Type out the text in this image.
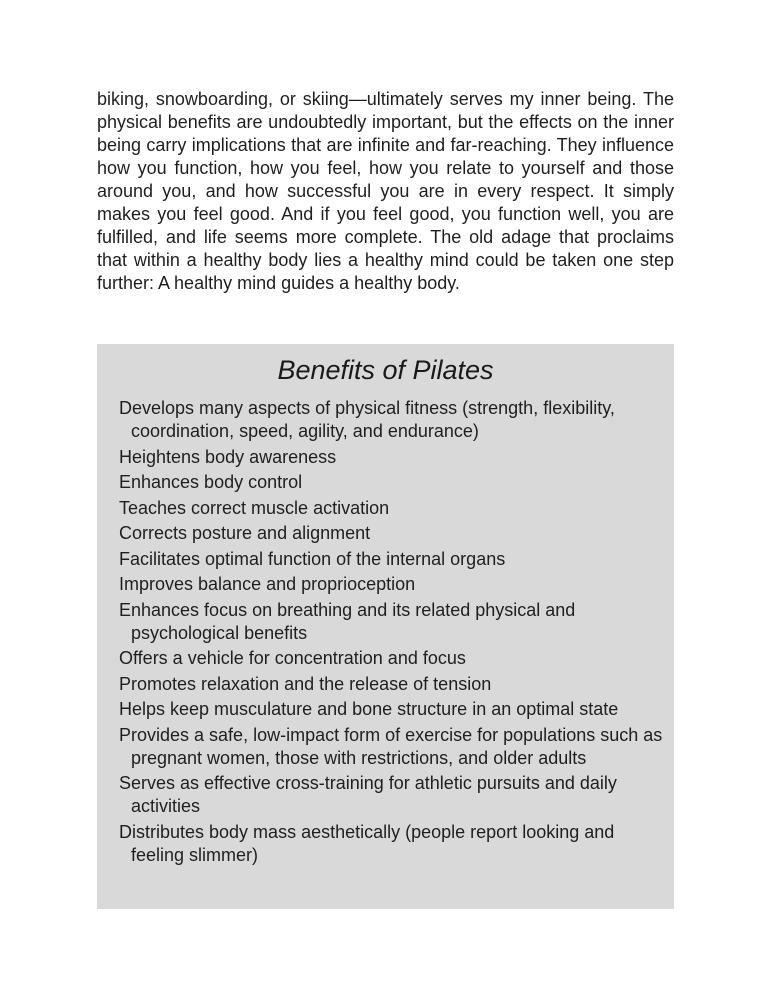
biking, snowboarding, or skiing—ultimately serves my inner being. The physical benefits are undoubtedly important, but the effects on the inner being carry implications that are infinite and far-reaching. They influence how you function, how you feel, how you relate to yourself and those around you, and how successful you are in every respect. It simply makes you feel good. And if you feel good, you function well, you are fulfilled, and life seems more complete. The old adage that proclaims that within a healthy body lies a healthy mind could be taken one step further: A healthy mind guides a healthy body.

Benefits of Pilates
Develops many aspects of physical fitness (strength, flexibility, coordination, speed, agility, and endurance)
Heightens body awareness
Enhances body control
Teaches correct muscle activation
Corrects posture and alignment
Facilitates optimal function of the internal organs
Improves balance and proprioception
Enhances focus on breathing and its related physical and psychological benefits
Offers a vehicle for concentration and focus
Promotes relaxation and the release of tension
Helps keep musculature and bone structure in an optimal state
Provides a safe, low-impact form of exercise for populations such as pregnant women, those with restrictions, and older adults
Serves as effective cross-training for athletic pursuits and daily activities
Distributes body mass aesthetically (people report looking and feeling slimmer)
